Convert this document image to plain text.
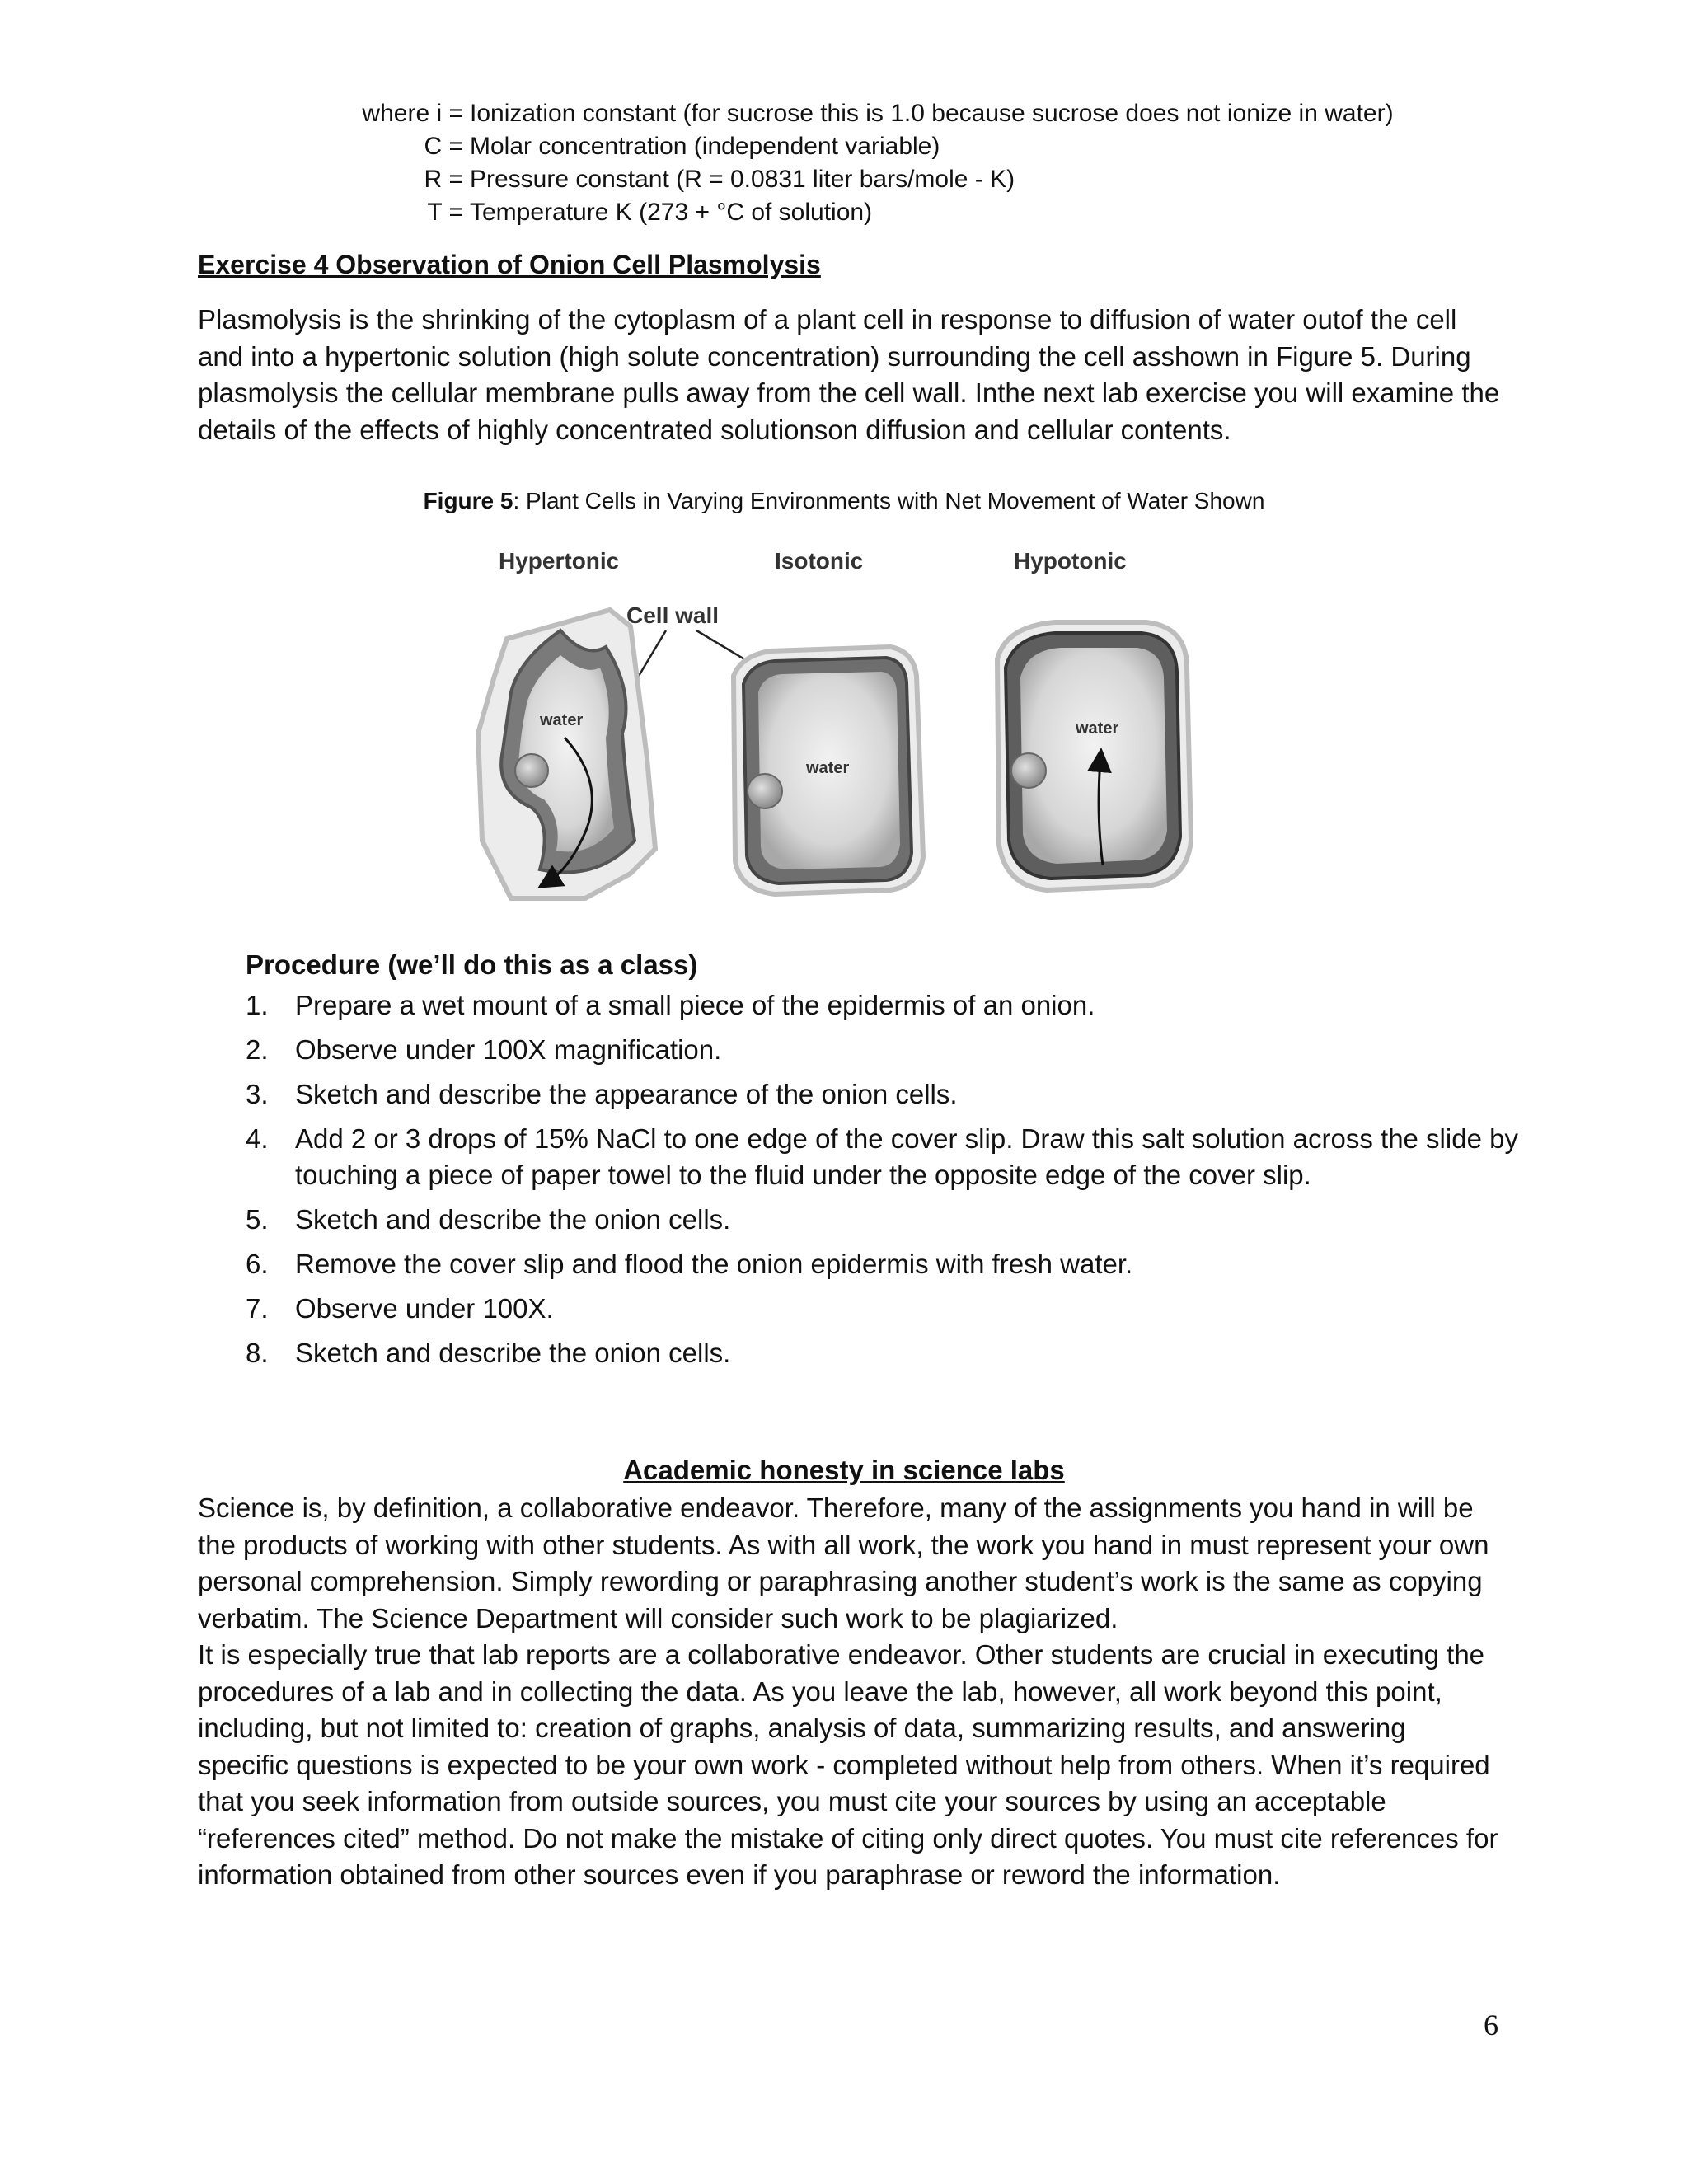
where i = Ionization constant (for sucrose this is 1.0 because sucrose does not ionize in water)
C = Molar concentration (independent variable)
R = Pressure constant (R = 0.0831 liter bars/mole - K)
T = Temperature K (273 + °C of solution)
Exercise 4 Observation of Onion Cell Plasmolysis

Plasmolysis is the shrinking of the cytoplasm of a plant cell in response to diffusion of water outof the cell and into a hypertonic solution (high solute concentration) surrounding the cell asshown in Figure 5. During plasmolysis the cellular membrane pulls away from the cell wall. Inthe next lab exercise you will examine the details of the effects of highly concentrated solutionson diffusion and cellular contents.

Figure 5: Plant Cells in Varying Environments with Net Movement of Water Shown
Hypertonic	Isotonic	Hypotonic
Cell wall
water
water
water
Procedure (we’ll do this as a class)
1. Prepare a wet mount of a small piece of the epidermis of an onion.
2. Observe under 100X magnification.
3. Sketch and describe the appearance of the onion cells.
4. Add 2 or 3 drops of 15% NaCl to one edge of the cover slip. Draw this salt solution across the slide by touching a piece of paper towel to the fluid under the opposite edge of the cover slip.
5. Sketch and describe the onion cells.
6. Remove the cover slip and flood the onion epidermis with fresh water.
7. Observe under 100X.
8. Sketch and describe the onion cells.
Academic honesty in science labs

Science is, by definition, a collaborative endeavor. Therefore, many of the assignments you hand in will be the products of working with other students. As with all work, the work you hand in must represent your own personal comprehension. Simply rewording or paraphrasing another student’s work is the same as copying verbatim. The Science Department will consider such work to be plagiarized.

It is especially true that lab reports are a collaborative endeavor. Other students are crucial in executing the procedures of a lab and in collecting the data. As you leave the lab, however, all work beyond this point, including, but not limited to: creation of graphs, analysis of data, summarizing results, and answering specific questions is expected to be your own work - completed without help from others. When it’s required that you seek information from outside sources, you must cite your sources by using an acceptable “references cited” method. Do not make the mistake of citing only direct quotes. You must cite references for information obtained from other sources even if you paraphrase or reword the information.

6
